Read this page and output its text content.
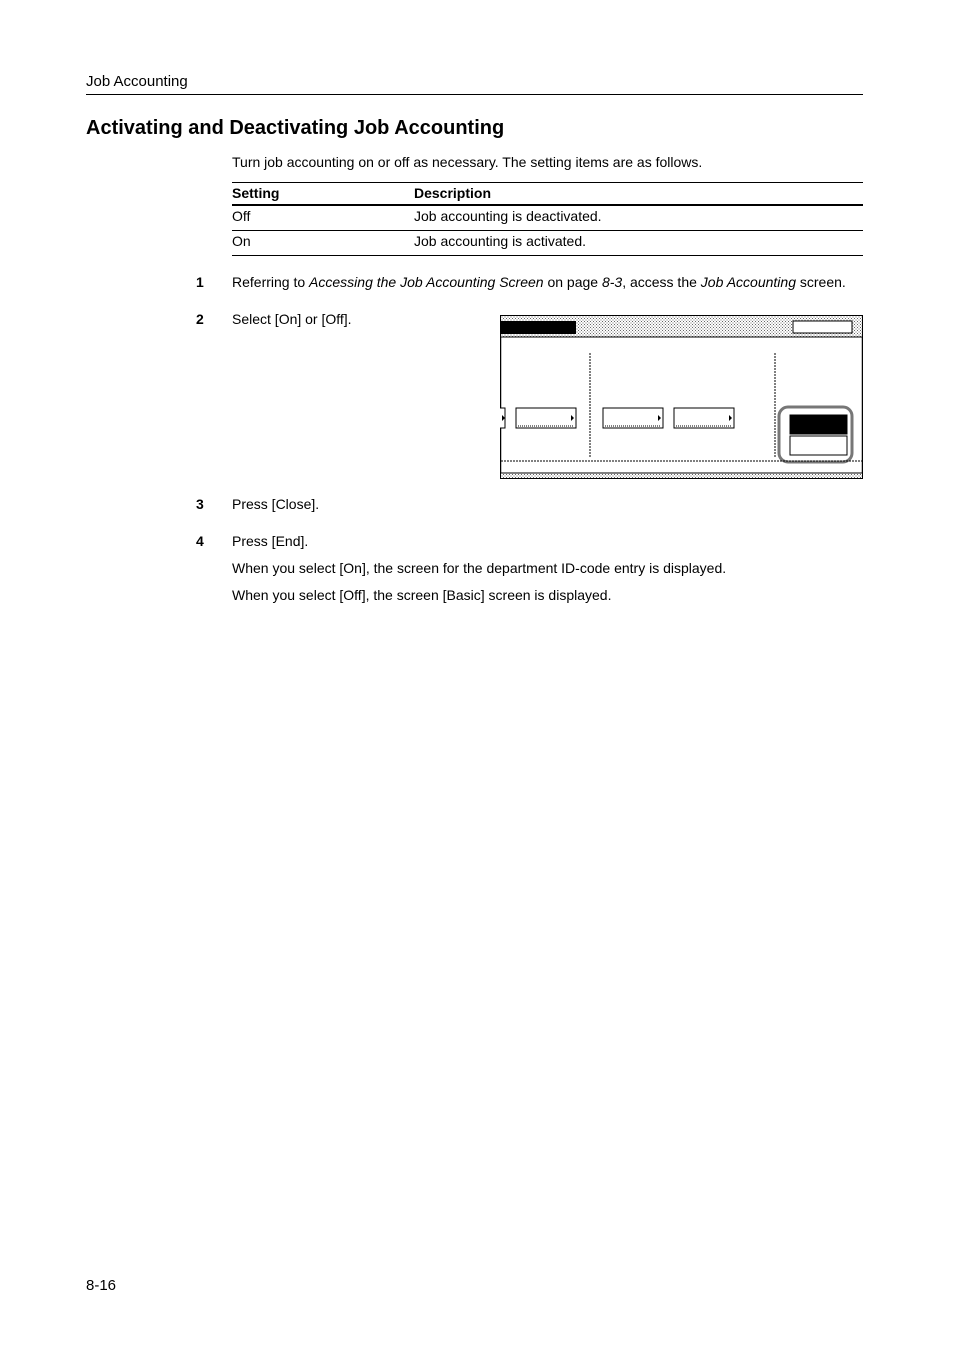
Job Accounting
Activating and Deactivating Job Accounting
Turn job accounting on or off as necessary. The setting items are as follows.
Setting	Description
Off	Job accounting is deactivated.
On	Job accounting is activated.
1 Referring to Accessing the Job Accounting Screen on page 8-3, access the Job Accounting screen.
2 Select [On] or [Off].
3 Press [Close].
4 Press [End].
When you select [On], the screen for the department ID-code entry is displayed.
When you select [Off], the screen [Basic] screen is displayed.
8-16
